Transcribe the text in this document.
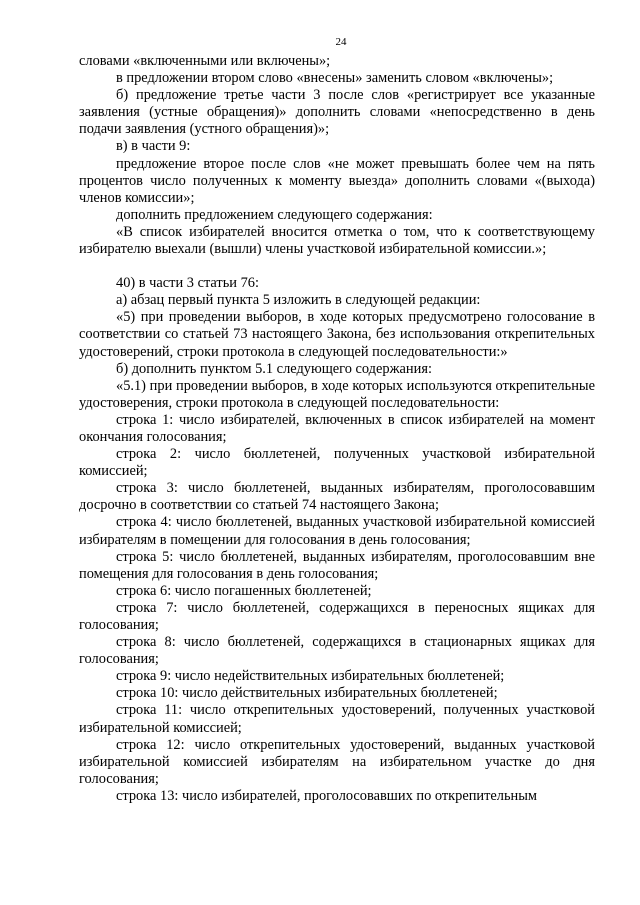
24

словами «включенными или включены»;

в предложении втором слово «внесены» заменить словом «включены»;

б) предложение третье части 3 после слов «регистрирует все указанные заявления (устные обращения)» дополнить словами «непосредственно в день подачи заявления (устного обращения)»;

в) в части 9:

предложение второе после слов «не может превышать более чем на пять процентов число полученных к моменту выезда» дополнить словами «(выхода) членов комиссии»;

дополнить предложением следующего содержания:

«В список избирателей вносится отметка о том, что к соответствующему избирателю выехали (вышли) члены участковой избирательной комиссии.»;

40) в части 3 статьи 76:

а) абзац первый пункта 5 изложить в следующей редакции:

«5) при проведении выборов, в ходе которых предусмотрено голосование в соответствии со статьей 73 настоящего Закона, без использования открепительных удостоверений, строки протокола в следующей последовательности:»

б) дополнить пунктом 5.1 следующего содержания:

«5.1) при проведении выборов, в ходе которых используются открепительные удостоверения, строки протокола в следующей последовательности:

строка 1: число избирателей, включенных в список избирателей на момент окончания голосования;

строка 2: число бюллетеней, полученных участковой избирательной комиссией;

строка 3: число бюллетеней, выданных избирателям, проголосовавшим досрочно в соответствии со статьей 74 настоящего Закона;

строка 4: число бюллетеней, выданных участковой избирательной комиссией избирателям в помещении для голосования в день голосования;

строка 5: число бюллетеней, выданных избирателям, проголосовавшим вне помещения для голосования в день голосования;

строка 6: число погашенных бюллетеней;

строка 7: число бюллетеней, содержащихся в переносных ящиках для голосования;

строка 8: число бюллетеней, содержащихся в стационарных ящиках для голосования;

строка 9: число недействительных избирательных бюллетеней;

строка 10: число действительных избирательных бюллетеней;

строка 11: число открепительных удостоверений, полученных участковой избирательной комиссией;

строка 12: число открепительных удостоверений, выданных участковой избирательной комиссией избирателям на избирательном участке до дня голосования;

строка 13: число избирателей, проголосовавших по открепительным
